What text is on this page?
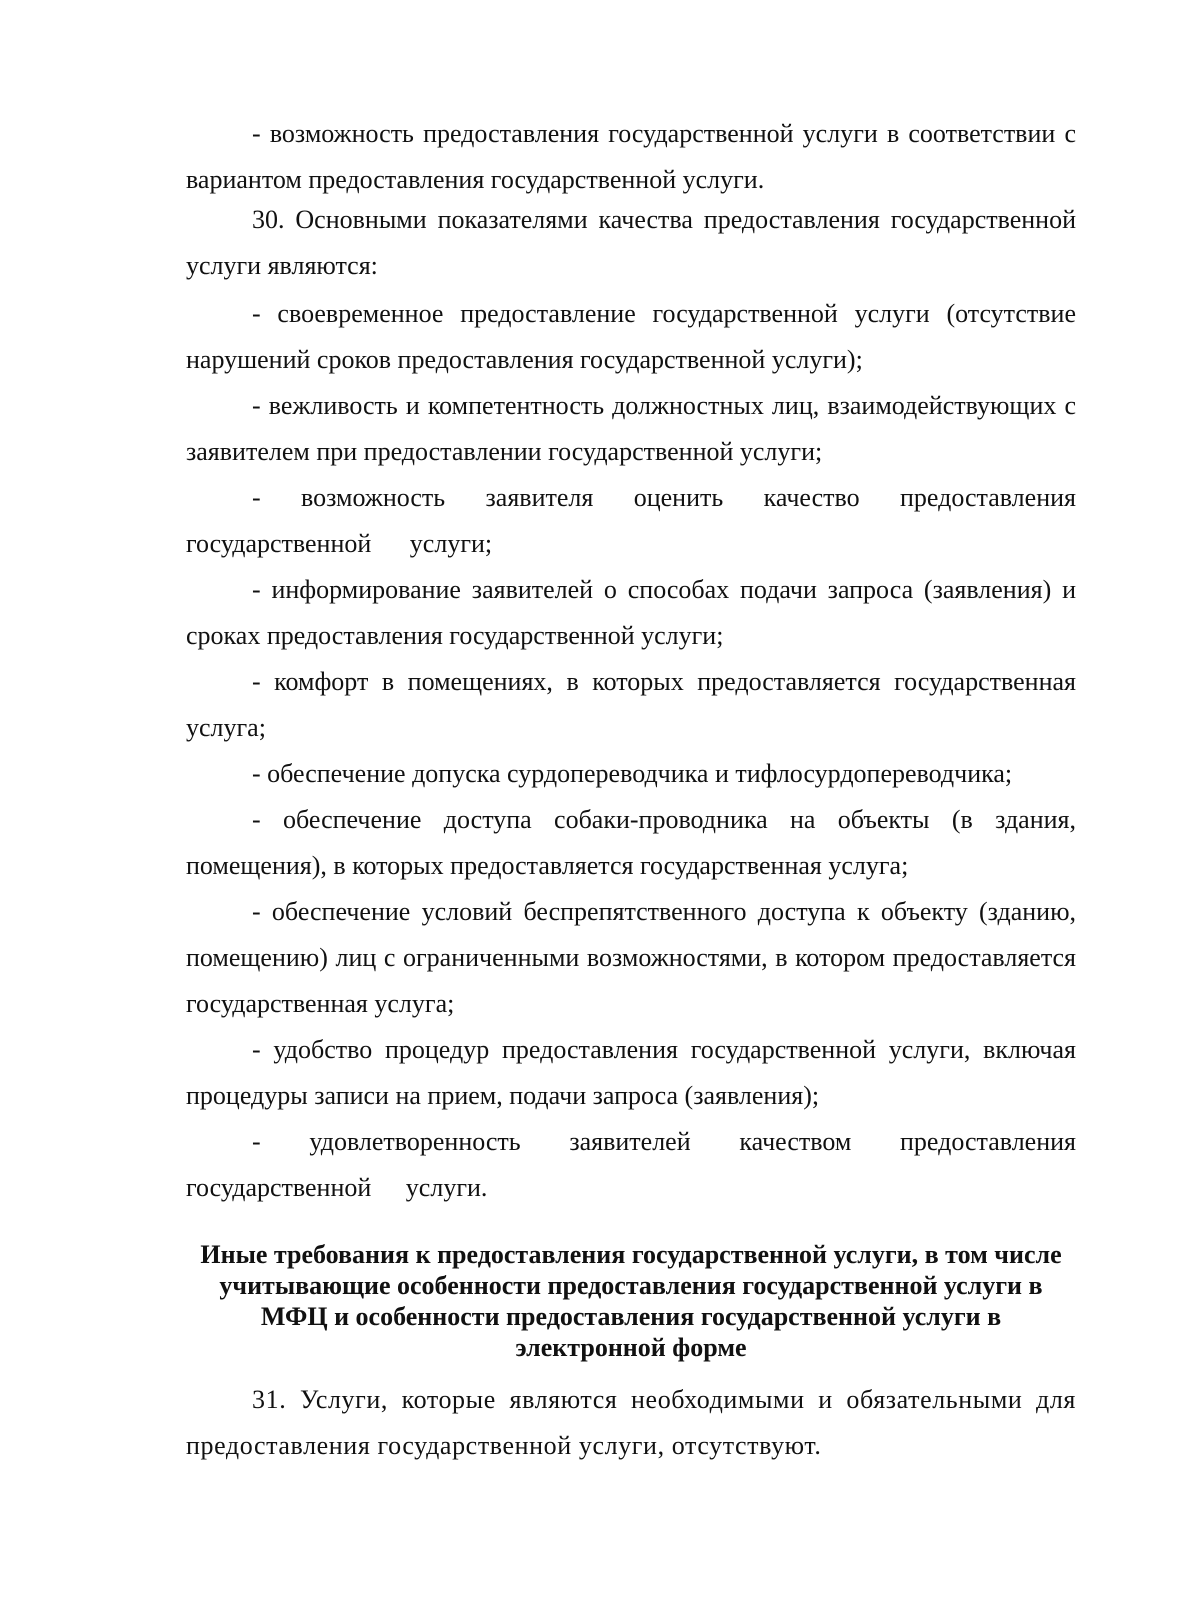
- возможность предоставления государственной услуги в соответствии с вариантом предоставления государственной услуги.

30. Основными показателями качества предоставления государственной услуги являются:

- своевременное предоставление государственной услуги (отсутствие нарушений сроков предоставления государственной услуги);

- вежливость и компетентность должностных лиц, взаимодействующих с заявителем при предоставлении государственной услуги;

- возможность заявителя оценить качество предоставления государственной услуги;

- информирование заявителей о способах подачи запроса (заявления) и сроках предоставления государственной услуги;

- комфорт в помещениях, в которых предоставляется государственная услуга;

- обеспечение допуска сурдопереводчика и тифлосурдопереводчика;

- обеспечение доступа собаки-проводника на объекты (в здания, помещения), в которых предоставляется государственная услуга;

- обеспечение условий беспрепятственного доступа к объекту (зданию, помещению) лиц с ограниченными возможностями, в котором предоставляется государственная услуга;

- удобство процедур предоставления государственной услуги, включая процедуры записи на прием, подачи запроса (заявления);

- удовлетворенность заявителей качеством предоставления государственной услуги.

Иные требования к предоставления государственной услуги, в том числе учитывающие особенности предоставления государственной услуги в МФЦ и особенности предоставления государственной услуги в электронной форме

31. Услуги, которые являются необходимыми и обязательными для предоставления государственной услуги, отсутствуют.
